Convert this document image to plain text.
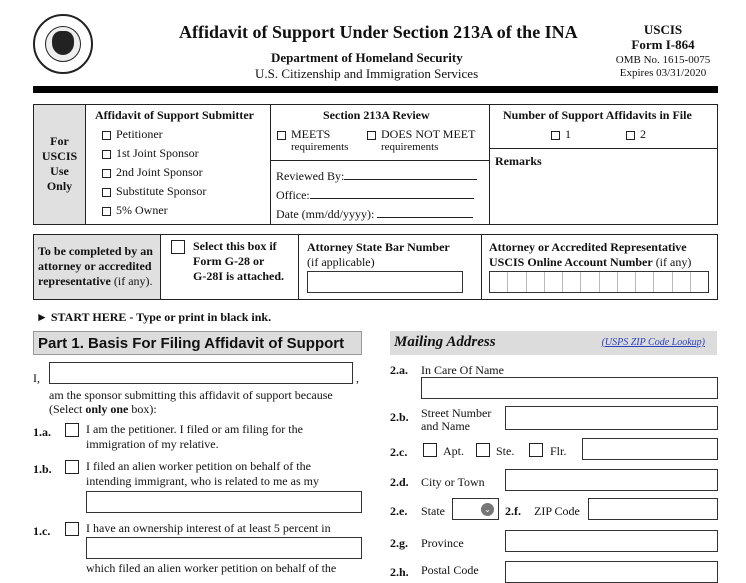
Affidavit of Support Under Section 213A of the INA
Department of Homeland Security
U.S. Citizenship and Immigration Services
USCIS
Form I-864
OMB No. 1615-0075
Expires 03/31/2020
For
USCIS
Use
Only
Affidavit of Support Submitter
Petitioner
1st Joint Sponsor
2nd Joint Sponsor
Substitute Sponsor
5% Owner
Section 213A Review
MEETS
requirements
DOES NOT MEET
requirements
Reviewed By:
Office:
Date (mm/dd/yyyy):
Number of Support Affidavits in File
1	2
Remarks
To be completed by an
attorney or accredited
representative (if any).
Select this box if
Form G-28 or
G-28I is attached.
Attorney State Bar Number
(if applicable)
Attorney or Accredited Representative
USCIS Online Account Number (if any)
► START HERE - Type or print in black ink.
Part 1. Basis For Filing Affidavit of Support
I,	,
am the sponsor submitting this affidavit of support because
(Select only one box):
1.a.	I am the petitioner. I filed or am filing for the
immigration of my relative.
1.b.	I filed an alien worker petition on behalf of the
intending immigrant, who is related to me as my
1.c.	I have an ownership interest of at least 5 percent in
which filed an alien worker petition on behalf of the
Mailing Address	(USPS ZIP Code Lookup)
2.a. In Care Of Name
2.b. Street Number
and Name
2.c.	Apt.	Ste.	Flr.
2.d. City or Town
2.e. State	⌄ 2.f. ZIP Code
2.g. Province
2.h. Postal Code
